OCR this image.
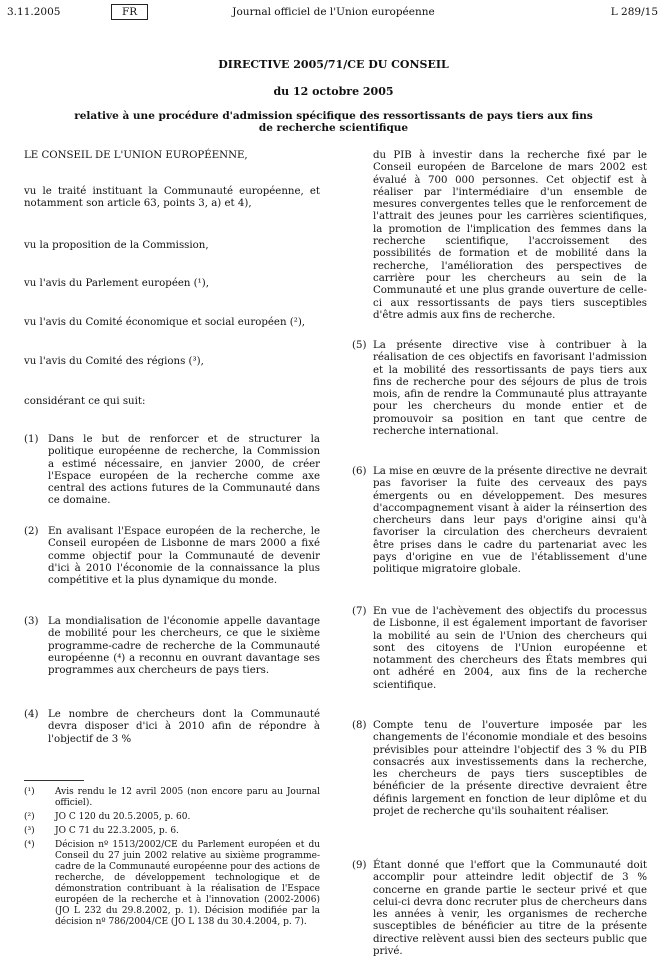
3.11.2005	FR	Journal officiel de l'Union européenne	L 289/15
DIRECTIVE 2005/71/CE DU CONSEIL
du 12 octobre 2005
relative à une procédure d'admission spécifique des ressortissants de pays tiers aux fins de recherche scientifique
LE CONSEIL DE L'UNION EUROPÉENNE,
vu le traité instituant la Communauté européenne, et notamment son article 63, points 3, a) et 4),
vu la proposition de la Commission,
vu l'avis du Parlement européen (¹),
vu l'avis du Comité économique et social européen (²),
vu l'avis du Comité des régions (³),
considérant ce qui suit:
(1) Dans le but de renforcer et de structurer la politique européenne de recherche, la Commission a estimé nécessaire, en janvier 2000, de créer l'Espace européen de la recherche comme axe central des actions futures de la Communauté dans ce domaine.
(2) En avalisant l'Espace européen de la recherche, le Conseil européen de Lisbonne de mars 2000 a fixé comme objectif pour la Communauté de devenir d'ici à 2010 l'économie de la connaissance la plus compétitive et la plus dynamique du monde.
(3) La mondialisation de l'économie appelle davantage de mobilité pour les chercheurs, ce que le sixième programme-cadre de recherche de la Communauté européenne (⁴) a reconnu en ouvrant davantage ses programmes aux chercheurs de pays tiers.
(4) Le nombre de chercheurs dont la Communauté devra disposer d'ici à 2010 afin de répondre à l'objectif de 3 %
(¹) Avis rendu le 12 avril 2005 (non encore paru au Journal officiel).
(²) JO C 120 du 20.5.2005, p. 60.
(³) JO C 71 du 22.3.2005, p. 6.
(⁴) Décision nº 1513/2002/CE du Parlement européen et du Conseil du 27 juin 2002 relative au sixième programme-cadre de la Communauté européenne pour des actions de recherche, de développement technologique et de démonstration contribuant à la réalisation de l'Espace européen de la recherche et à l'innovation (2002-2006) (JO L 232 du 29.8.2002, p. 1). Décision modifiée par la décision nº 786/2004/CE (JO L 138 du 30.4.2004, p. 7).
du PIB à investir dans la recherche fixé par le Conseil européen de Barcelone de mars 2002 est évalué à 700 000 personnes. Cet objectif est à réaliser par l'intermédiaire d'un ensemble de mesures convergentes telles que le renforcement de l'attrait des jeunes pour les carrières scientifiques, la promotion de l'implication des femmes dans la recherche scientifique, l'accroissement des possibilités de formation et de mobilité dans la recherche, l'amélioration des perspectives de carrière pour les chercheurs au sein de la Communauté et une plus grande ouverture de celle-ci aux ressortissants de pays tiers susceptibles d'être admis aux fins de recherche.
(5) La présente directive vise à contribuer à la réalisation de ces objectifs en favorisant l'admission et la mobilité des ressortissants de pays tiers aux fins de recherche pour des séjours de plus de trois mois, afin de rendre la Communauté plus attrayante pour les chercheurs du monde entier et de promouvoir sa position en tant que centre de recherche international.
(6) La mise en œuvre de la présente directive ne devrait pas favoriser la fuite des cerveaux des pays émergents ou en développement. Des mesures d'accompagnement visant à aider la réinsertion des chercheurs dans leur pays d'origine ainsi qu'à favoriser la circulation des chercheurs devraient être prises dans le cadre du partenariat avec les pays d'origine en vue de l'établissement d'une politique migratoire globale.
(7) En vue de l'achèvement des objectifs du processus de Lisbonne, il est également important de favoriser la mobilité au sein de l'Union des chercheurs qui sont des citoyens de l'Union européenne et notamment des chercheurs des États membres qui ont adhéré en 2004, aux fins de la recherche scientifique.
(8) Compte tenu de l'ouverture imposée par les changements de l'économie mondiale et des besoins prévisibles pour atteindre l'objectif des 3 % du PIB consacrés aux investissements dans la recherche, les chercheurs de pays tiers susceptibles de bénéficier de la présente directive devraient être définis largement en fonction de leur diplôme et du projet de recherche qu'ils souhaitent réaliser.
(9) Étant donné que l'effort que la Communauté doit accomplir pour atteindre ledit objectif de 3 % concerne en grande partie le secteur privé et que celui-ci devra donc recruter plus de chercheurs dans les années à venir, les organismes de recherche susceptibles de bénéficier au titre de la présente directive relèvent aussi bien des secteurs public que privé.
